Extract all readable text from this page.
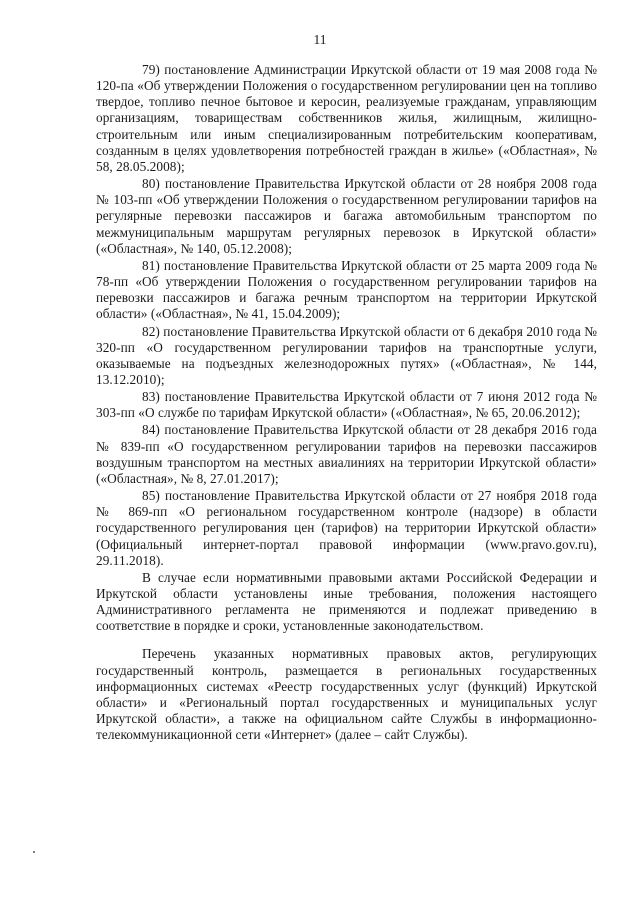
11

79) постановление Администрации Иркутской области от 19 мая 2008 года № 120-па «Об утверждении Положения о государственном регулировании цен на топливо твердое, топливо печное бытовое и керосин, реализуемые гражданам, управляющим организациям, товариществам собственников жилья, жилищным, жилищно-строительным или иным специализированным потребительским кооперативам, созданным в целях удовлетворения потребностей граждан в жилье» («Областная», № 58, 28.05.2008);

80) постановление Правительства Иркутской области от 28 ноября 2008 года № 103-пп «Об утверждении Положения о государственном регулировании тарифов на регулярные перевозки пассажиров и багажа автомобильным транспортом по межмуниципальным маршрутам регулярных перевозок в Иркутской области» («Областная», № 140, 05.12.2008);

81) постановление Правительства Иркутской области от 25 марта 2009 года № 78-пп «Об утверждении Положения о государственном регулировании тарифов на перевозки пассажиров и багажа речным транспортом на территории Иркутской области» («Областная», № 41, 15.04.2009);

82) постановление Правительства Иркутской области от 6 декабря 2010 года № 320-пп «О государственном регулировании тарифов на транспортные услуги, оказываемые на подъездных железнодорожных путях» («Областная», № 144, 13.12.2010);

83) постановление Правительства Иркутской области от 7 июня 2012 года № 303-пп «О службе по тарифам Иркутской области» («Областная», № 65, 20.06.2012);

84) постановление Правительства Иркутской области от 28 декабря 2016 года № 839-пп «О государственном регулировании тарифов на перевозки пассажиров воздушным транспортом на местных авиалиниях на территории Иркутской области» («Областная», № 8, 27.01.2017);

85) постановление Правительства Иркутской области от 27 ноября 2018 года № 869-пп «О региональном государственном контроле (надзоре) в области государственного регулирования цен (тарифов) на территории Иркутской области» (Официальный интернет-портал правовой информации (www.pravo.gov.ru), 29.11.2018).

В случае если нормативными правовыми актами Российской Федерации и Иркутской области установлены иные требования, положения настоящего Административного регламента не применяются и подлежат приведению в соответствие в порядке и сроки, установленные законодательством.

Перечень указанных нормативных правовых актов, регулирующих государственный контроль, размещается в региональных государственных информационных системах «Реестр государственных услуг (функций) Иркутской области» и «Региональный портал государственных и муниципальных услуг Иркутской области», а также на официальном сайте Службы в информационно-телекоммуникационной сети «Интернет» (далее – сайт Службы).
